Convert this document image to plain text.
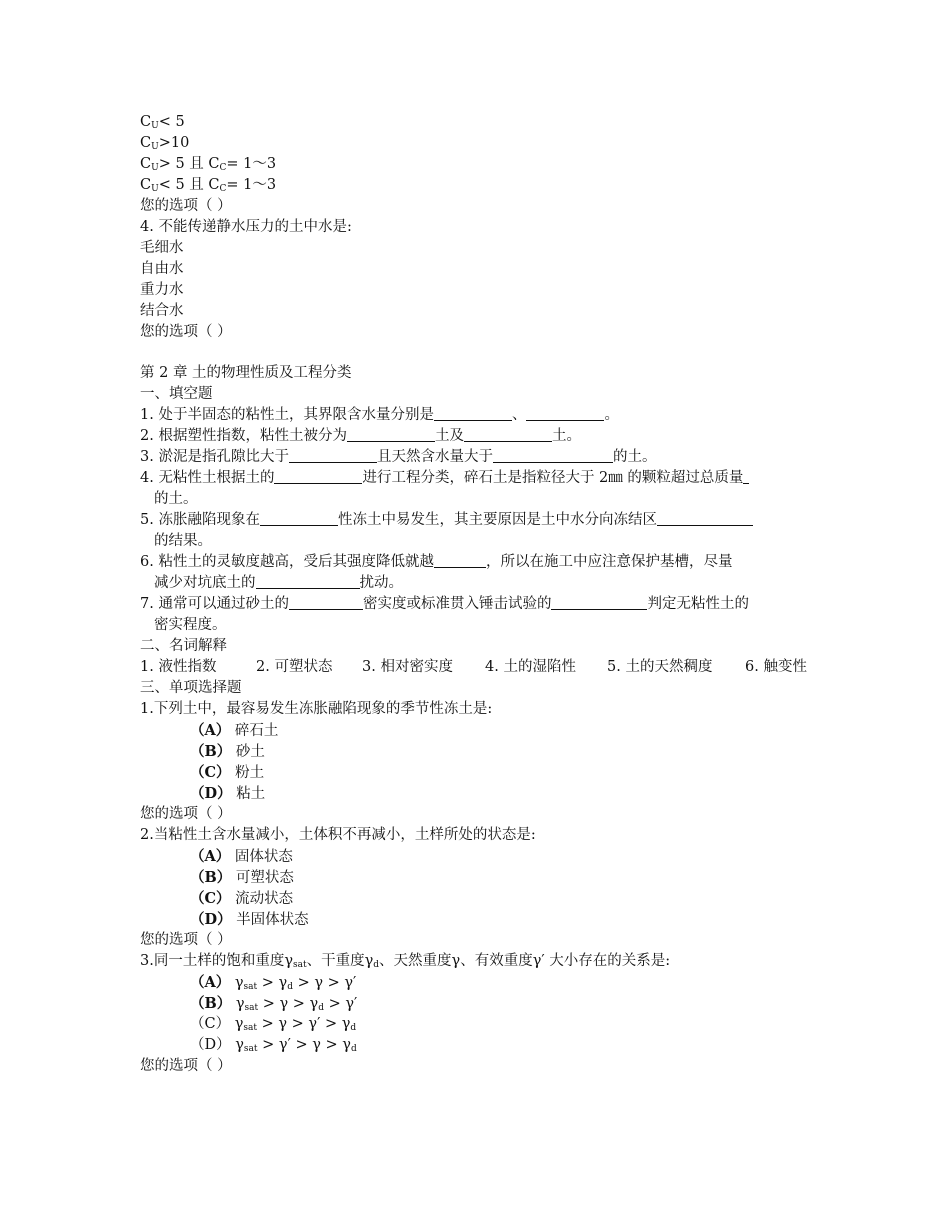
$C_U< 5$
$C_U>10$
$C_U> 5$ 且 $C_C=$ 1～3
$C_U< 5$ 且 $C_C=$ 1～3
您的选项（ ）
4. 不能传递静水压力的土中水是:
毛细水
自由水
重力水
结合水
您的选项（ ）
第 2 章 土的物理性质及工程分类
一、填空题
1. 处于半固态的粘性土，其界限含水量分别是	、	。
2. 根据塑性指数，粘性土被分为	土及	土。
3. 淤泥是指孔隙比大于	且天然含水量大于	的土。
4. 无粘性土根据土的	进行工程分类，碎石土是指粒径大于 2㎜ 的颗粒超过总质量
的土。
5. 冻胀融陷现象在	性冻土中易发生，其主要原因是土中水分向冻结区
的结果。
6. 粘性土的灵敏度越高，受后其强度降低就越	，所以在施工中应注意保护基槽，尽量
减少对坑底土的	扰动。
7. 通常可以通过砂土的	密实度或标准贯入锤击试验的	判定无粘性土的
密实程度。
二、名词解释
1. 液性指数	2. 可塑状态 3. 相对密实度 4. 土的湿陷性 5. 土的天然稠度 6. 触变性
三、单项选择题
1.下列土中，最容易发生冻胀融陷现象的季节性冻土是:
（A） 碎石土
（B） 砂土
（C） 粉土
（D） 粘土
您的选项（ ）
2.当粘性土含水量减小，土体积不再减小，土样所处的状态是:
（A） 固体状态
（B） 可塑状态
（C） 流动状态
（D） 半固体状态
您的选项（ ）
3.同一土样的饱和重度$\gamma_{sat}$、干重度$\gamma_d$、天然重度γ、有效重度γ′ 大小存在的关系是:
（A） $\gamma_{sat} > \gamma_d > \gamma > \gamma'$
（B） $\gamma_{sat} > \gamma > \gamma_d > \gamma'$
（C） $\gamma_{sat} > \gamma > \gamma' > \gamma_d$
（D） $\gamma_{sat} > \gamma' > \gamma > \gamma_d$
您的选项（ ）
